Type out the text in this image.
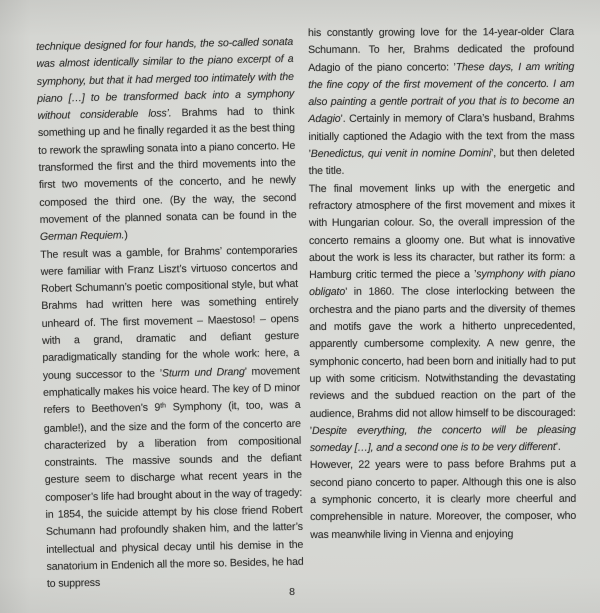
technique designed for four hands, the so-called sonata was almost identically similar to the piano excerpt of a symphony, but that it had merged too intimately with the piano […] to be transformed back into a symphony without considerable loss’. Brahms had to think something up and he finally regarded it as the best thing to rework the sprawling sonata into a piano concerto. He transformed the first and the third movements into the first two movements of the concerto, and he newly composed the third one. (By the way, the second movement of the planned sonata can be found in the German Requiem.)

The result was a gamble, for Brahms’ contemporaries were familiar with Franz Liszt’s virtuoso concertos and Robert Schumann’s poetic compositional style, but what Brahms had written here was something entirely unheard of. The first movement – Maestoso! – opens with a grand, dramatic and defiant gesture paradigmatically standing for the whole work: here, a young successor to the ’Sturm und Drang’ movement emphatically makes his voice heard. The key of D minor refers to Beethoven’s 9th Symphony (it, too, was a gamble!), and the size and the form of the concerto are characterized by a liberation from compositional constraints. The massive sounds and the defiant gesture seem to discharge what recent years in the composer’s life had brought about in the way of tragedy: in 1854, the suicide attempt by his close friend Robert Schumann had profoundly shaken him, and the latter’s intellectual and physical decay until his demise in the sanatorium in Endenich all the more so. Besides, he had to suppress

his constantly growing love for the 14-year-older Clara Schumann. To her, Brahms dedicated the profound Adagio of the piano concerto: ’These days, I am writing the fine copy of the first movement of the concerto. I am also painting a gentle portrait of you that is to become an Adagio’. Certainly in memory of Clara’s husband, Brahms initially captioned the Adagio with the text from the mass ’Benedictus, qui venit in nomine Domini’, but then deleted the title.

The final movement links up with the energetic and refractory atmosphere of the first movement and mixes it with Hungarian colour. So, the overall impression of the concerto remains a gloomy one. But what is innovative about the work is less its character, but rather its form: a Hamburg critic termed the piece a ’symphony with piano obligato’ in 1860. The close interlocking between the orchestra and the piano parts and the diversity of themes and motifs gave the work a hitherto unprecedented, apparently cumbersome complexity. A new genre, the symphonic concerto, had been born and initially had to put up with some criticism. Notwithstanding the devastating reviews and the subdued reaction on the part of the audience, Brahms did not allow himself to be discouraged: ’Despite everything, the concerto will be pleasing someday […], and a second one is to be very different’.

However, 22 years were to pass before Brahms put a second piano concerto to paper. Although this one is also a symphonic concerto, it is clearly more cheerful and comprehensible in nature. Moreover, the composer, who was meanwhile living in Vienna and enjoying

8
